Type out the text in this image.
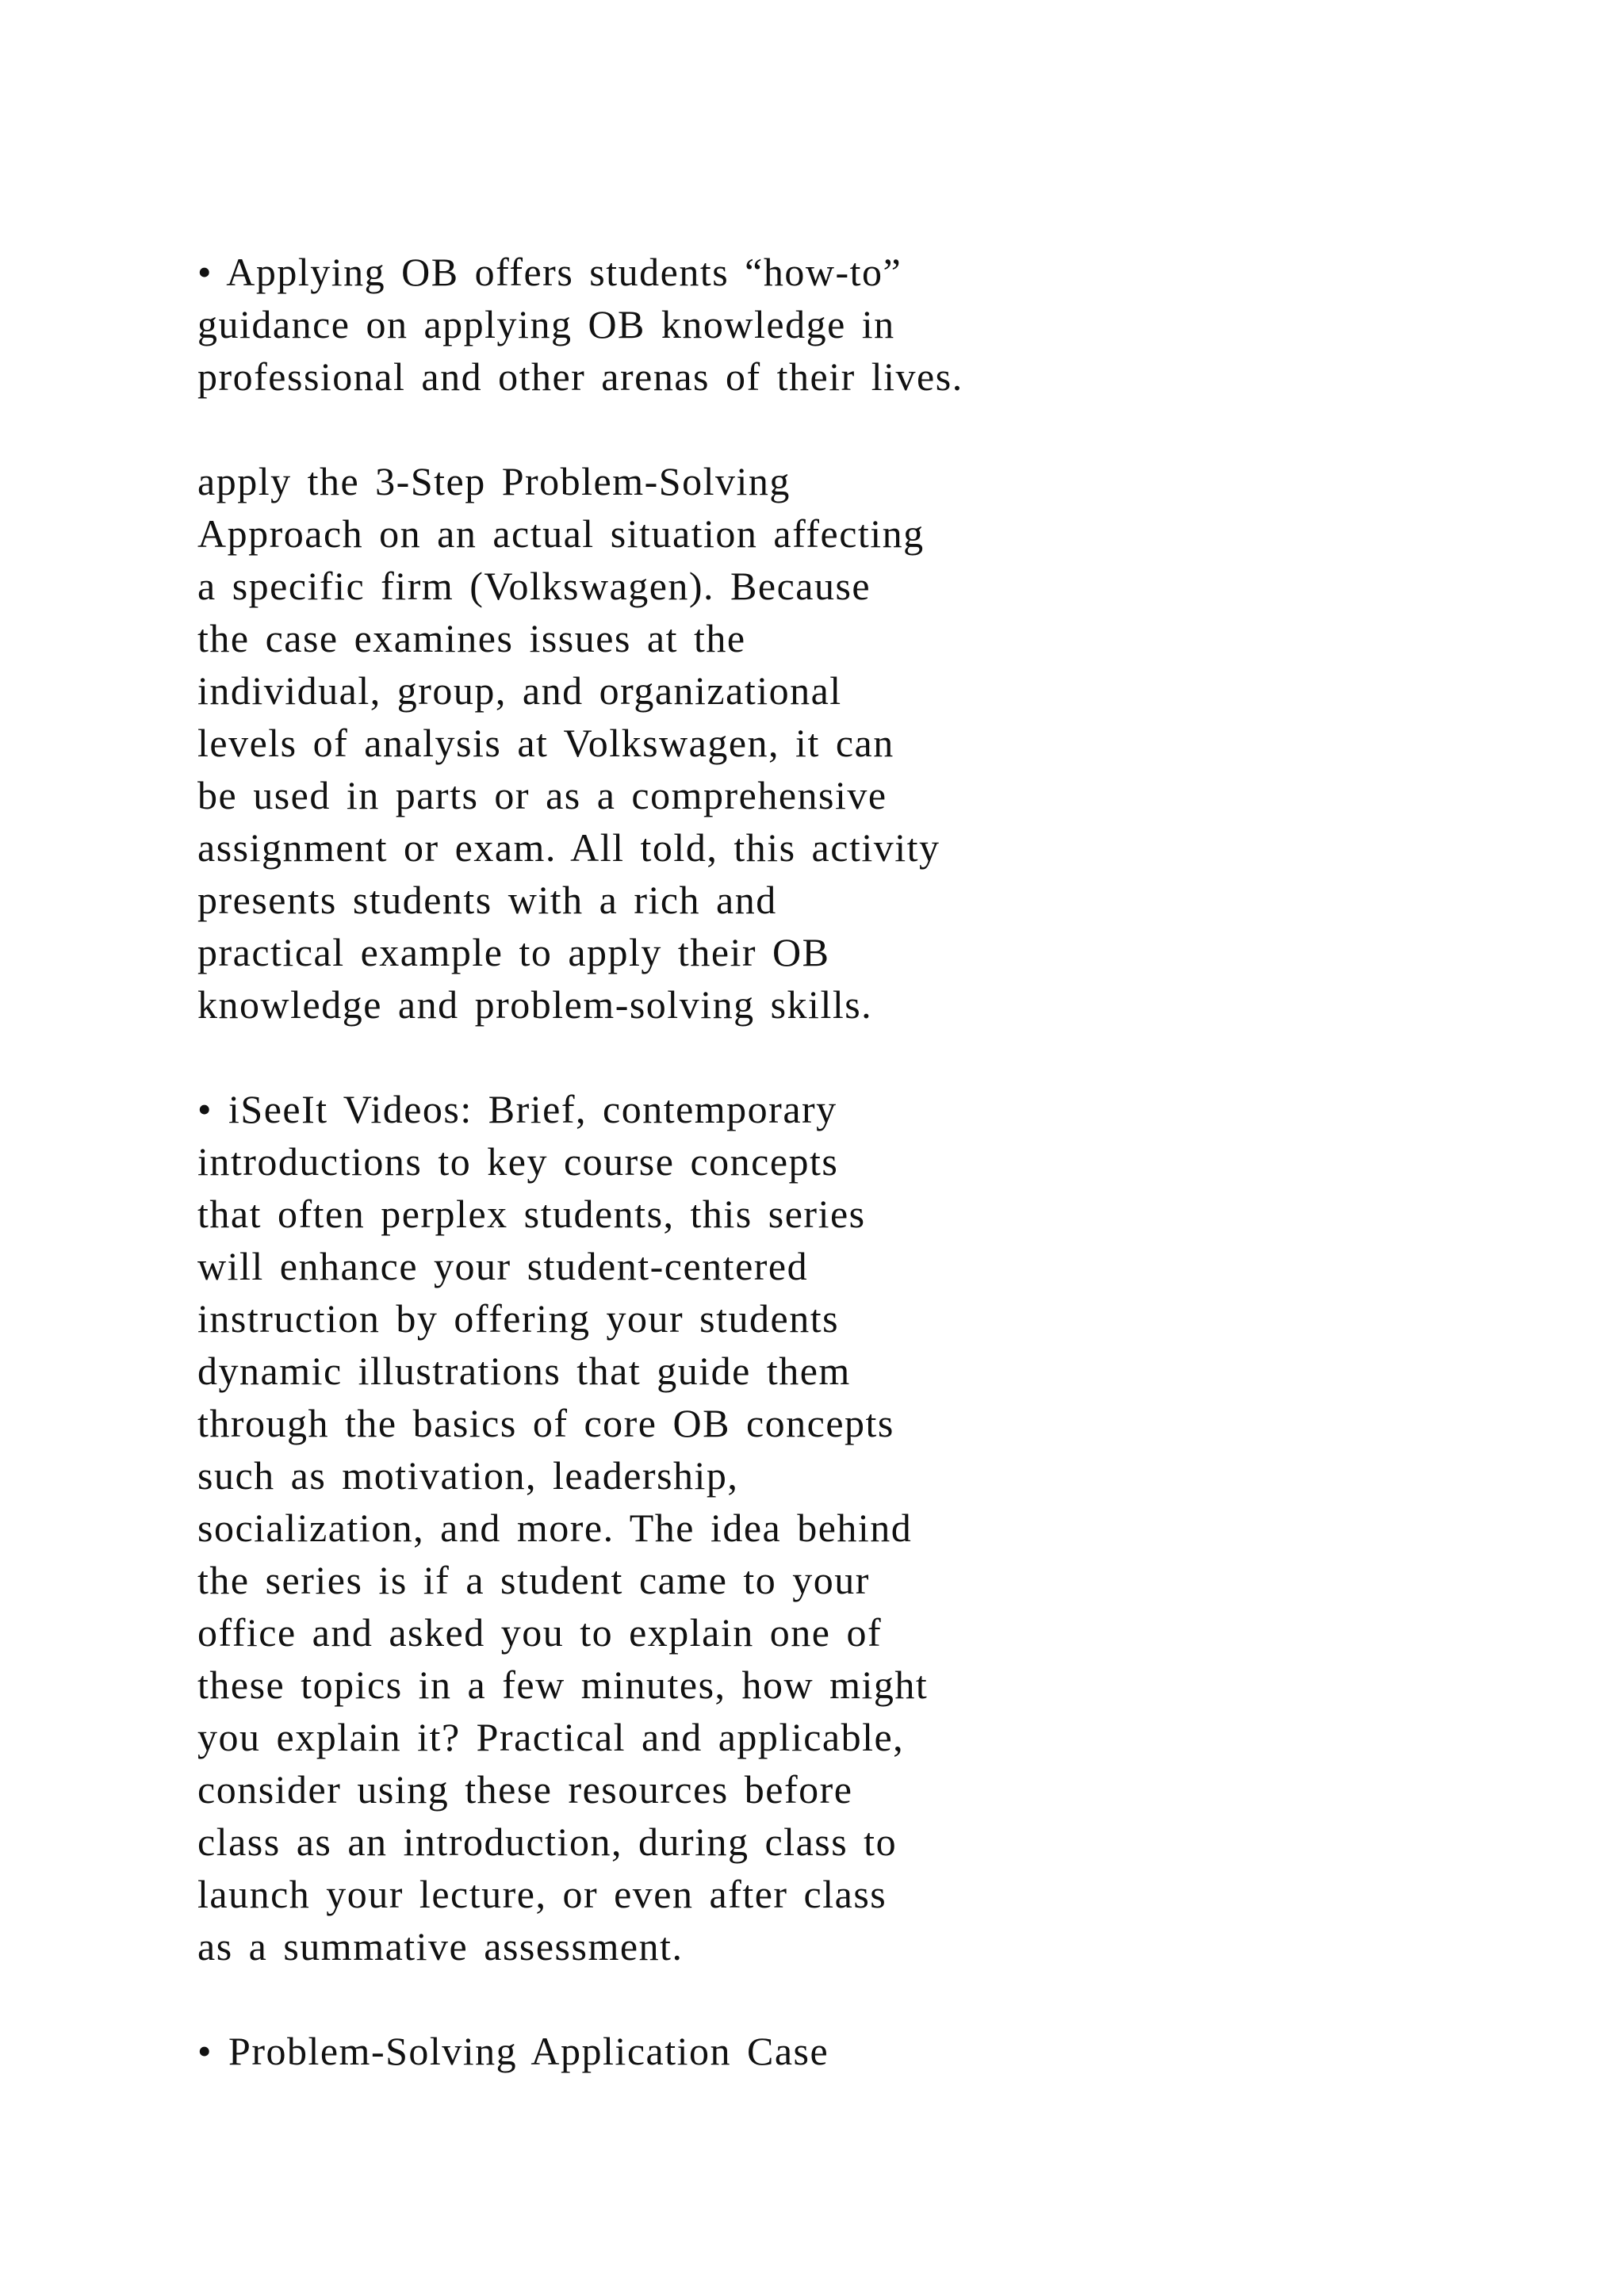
• Applying OB offers students “how-to”
guidance on applying OB knowledge in
professional and other arenas of their lives.
apply the 3-Step Problem-Solving
Approach on an actual situation affecting
a specific firm (Volkswagen). Because
the case examines issues at the
individual, group, and organizational
levels of analysis at Volkswagen, it can
be used in parts or as a comprehensive
assignment or exam. All told, this activity
presents students with a rich and
practical example to apply their OB
knowledge and problem-solving skills.
• iSeeIt Videos: Brief, contemporary
introductions to key course concepts
that often perplex students, this series
will enhance your student-centered
instruction by offering your students
dynamic illustrations that guide them
through the basics of core OB concepts
such as motivation, leadership,
socialization, and more. The idea behind
the series is if a student came to your
office and asked you to explain one of
these topics in a few minutes, how might
you explain it? Practical and applicable,
consider using these resources before
class as an introduction, during class to
launch your lecture, or even after class
as a summative assessment.
• Problem-Solving Application Case
